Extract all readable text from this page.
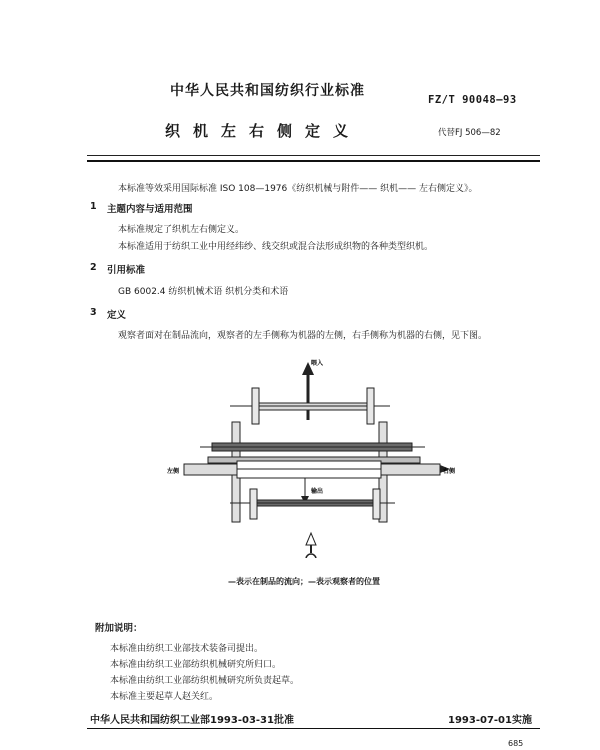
中华人民共和国纺织行业标准
FZ/T 90048—93
织机左右侧定义	代替FJ 506—82
本标准等效采用国际标准 ISO 108—1976《纺织机械与附件—— 织机—— 左右侧定义》。
1 主题内容与适用范围
本标准规定了织机左右侧定义。
本标准适用于纺织工业中用经纬纱、线交织或混合法形成织物的各种类型织机。
2 引用标准
GB 6002.4 纺织机械术语 织机分类和术语
3 定义
观察者面对在制品流向，观察者的左手侧称为机器的左侧，右手侧称为机器的右侧，见下图。
喂入
左侧	右侧
输出
—表示在制品的流向；—表示观察者的位置
附加说明：
本标准由纺织工业部技术装备司提出。
本标准由纺织工业部纺织机械研究所归口。
本标准由纺织工业部纺织机械研究所负责起草。
本标准主要起草人赵关红。
中华人民共和国纺织工业部1993-03-31批准	1993-07-01实施
685
